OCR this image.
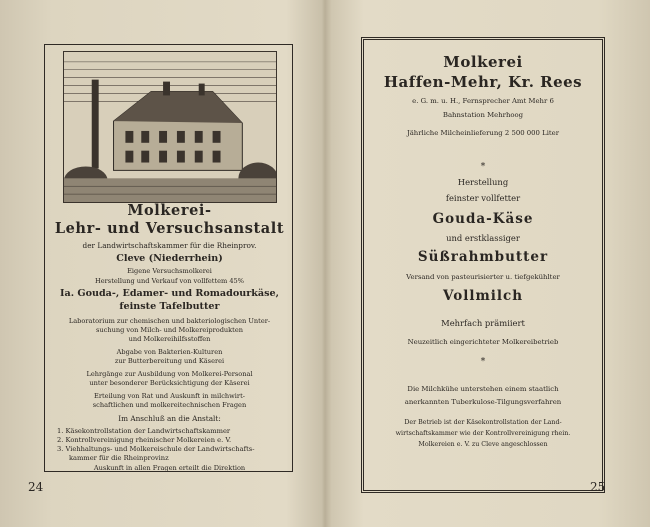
Molkerei-
Lehr- und Versuchsanstalt
der Landwirtschaftskammer für die Rheinprov.
Cleve (Niederrhein)
Eigene Versuchsmolkerei
Herstellung und Verkauf von vollfettem 45%
Ia. Gouda-, Edamer- und Romadourkäse,
feinste Tafelbutter
Laboratorium zur chemischen und bakteriologischen Unter-
suchung von Milch- und Molkereiprodukten
und Molkereihilfsstoffen
Abgabe von Bakterien-Kulturen
zur Butterbereitung und Käserei
Lehrgänge zur Ausbildung von Molkerei-Personal
unter besonderer Berücksichtigung der Käserei
Erteilung von Rat und Auskunft in milchwirt-
schaftlichen und molkereitechnischen Fragen
Im Anschluß an die Anstalt:
1. Käsekontrollstation der Landwirtschaftskammer
2. Kontrollvereinigung rheinischer Molkereien e. V.
3. Viehhaltungs- und Molkereischule der Landwirtschafts-
kammer für die Rheinprovinz
Auskunft in allen Fragen erteilt die Direktion
24
Molkerei
Haffen-Mehr, Kr. Rees
e. G. m. u. H., Fernsprecher Amt Mehr 6
Bahnstation Mehrhoog
Jährliche Milcheinlieferung 2 500 000 Liter
*
Herstellung
feinster vollfetter
Gouda-Käse
und erstklassiger
Süßrahmbutter
Versand von pasteurisierter u. tiefgekühlter
Vollmilch
Mehrfach prämiiert
Neuzeitlich eingerichteter Molkereibetrieb
*
Die Milchkühe unterstehen einem staatlich
anerkannten Tuberkulose-Tilgungsverfahren
Der Betrieb ist der Käsekontrollstation der Land-
wirtschaftskammer wie der Kontrollvereinigung rhein.
Molkereien e. V. zu Cleve angeschlossen
25
